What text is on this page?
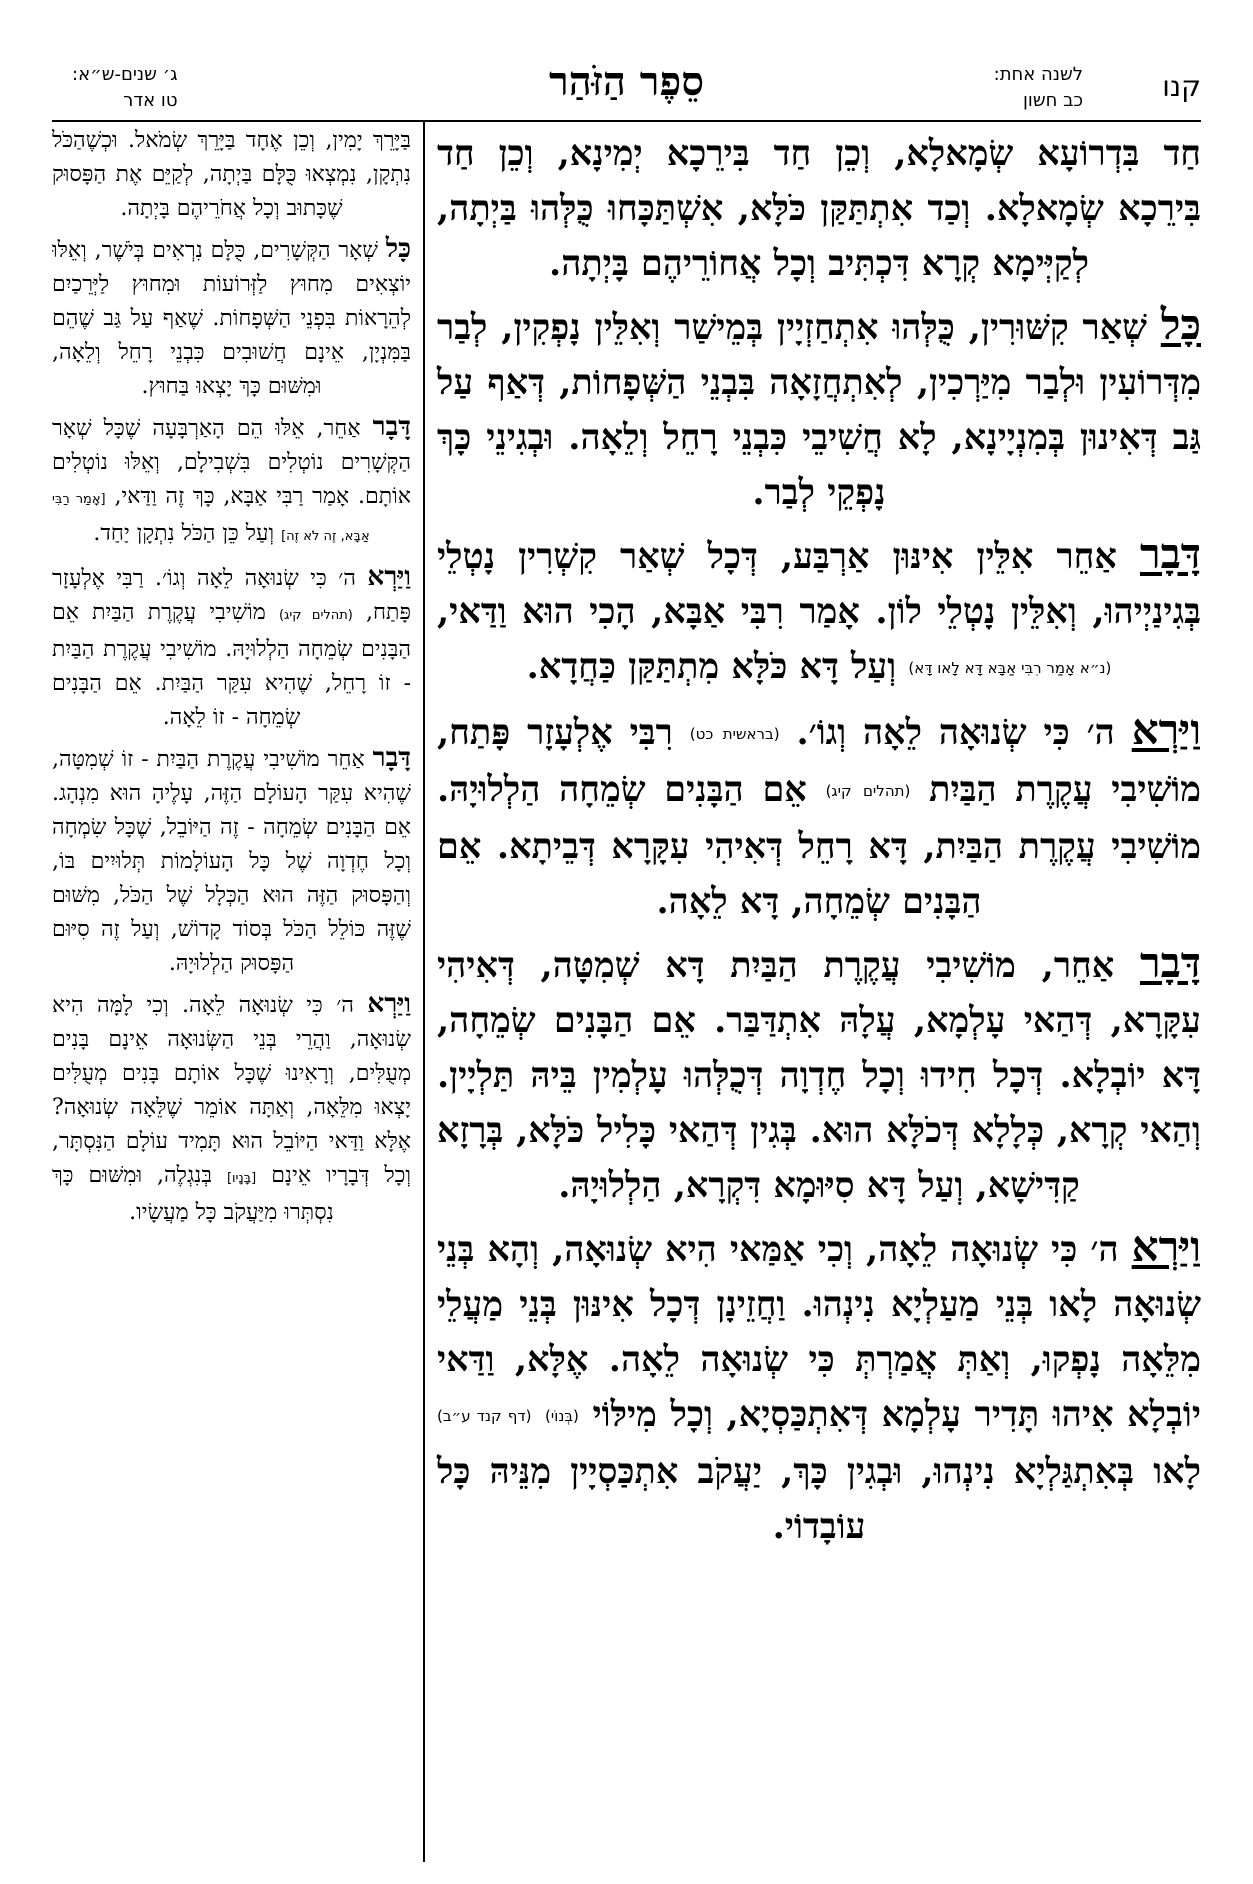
קנו
לשנה אחת:
כב חשון
סֵפֶר הַזֹּהַר
ג׳ שנים-ש״א:
טו אדר

חַד בִּדְרוֹעָא שְׂמָאלָא, וְכֵן חַד בִּירֵכָא יְמִינָא, וְכֵן חַד בִּירֵכָא שְׂמָאלָא. וְכַד אִתְתַּקַּן כֹּלָּא, אִשְׁתַּכָּחוּ כֻּלְּהוּ בַּיְתָה, לְקַיְּימָא קְרָא דִּכְתִּיב וְכָל אֲחוֹרֵיהֶם בָּיְתָה.

כָּל שְׁאַר קִשּׁוּרִין, כֻּלְּהוּ אִתְחַזְיָין בְּמֵישַׁר וְאִלֵּין נָפְקִין, לְבַר מִדְּרוֹעִין וּלְבַר מִיַּרְכִין, לְאִתְחֲזָאָה בִּבְנֵי הַשְּׁפָחוֹת, דְּאַף עַל גַּב דְּאִינוּן בְּמִנְיָינָא, לָא חֲשִׁיבֵי כִּבְנֵי רָחֵל וְלֵאָה. וּבְגִינֵי כָּךְ נָפְקֵי לְבַר.

דָּבָר אַחֵר אִלֵּין אִינּוּן אַרְבַּע, דְּכָל שְׁאַר קִשְׁרִין נָטְלֵי בְּגִינַיְיהוּ, וְאִלֵּין נָטְלֵי לוֹן. אָמַר רִבִּי אַבָּא, הָכִי הוּא וַדַּאי, (נ״א אָמַר רִבִּי אַבָּא דָּא לָאו דָּא) וְעַל דָּא כֹּלָּא מִתְתַּקַּן כַּחֲדָא.

וַיַּרְא ה׳ כִּי שְׂנוּאָה לֵאָה וְגוֹ׳. (בראשית כט) רִבִּי אֶלְעָזָר פָּתַח, מוֹשִׁיבִי עֲקֶרֶת הַבַּיִת (תהלים קיג) אֵם הַבָּנִים שְׂמֵחָה הַלְלוּיָהּ. מוֹשִׁיבִי עֲקֶרֶת הַבַּיִת, דָּא רָחֵל דְּאִיהִי עִקָּרָא דְּבֵיתָא. אֵם הַבָּנִים שְׂמֵחָה, דָּא לֵאָה.

דָּבָר אַחֵר, מוֹשִׁיבִי עֲקֶרֶת הַבַּיִת דָּא שְׁמִטָּה, דְּאִיהִי עִקָּרָא, דְּהַאי עָלְמָא, עֲלָהּ אִתְדַּבַּר. אֵם הַבָּנִים שְׂמֵחָה, דָּא יוֹבְלָא. דְּכָל חִידוּ וְכָל חֶדְוָה דְּכֻלְּהוּ עָלְמִין בֵּיהּ תַּלְיָין. וְהַאי קְרָא, כְּלָלָא דְּכֹלָּא הוּא. בְּגִין דְּהַאי כָּלִיל כֹּלָּא, בְּרָזָא קַדִּישָׁא, וְעַל דָּא סִיּוּמָא דִּקְרָא, הַלְלוּיָהּ.

וַיַּרְא ה׳ כִּי שְׂנוּאָה לֵאָה, וְכִי אַמַּאי הִיא שְׂנוּאָה, וְהָא בְּנֵי שְׂנוּאָה לָאו בְּנֵי מַעַלְיָא נִינְהוּ. וַחֲזֵינָן דְּכָל אִינּוּן בְּנֵי מַעֲלֵי מִלֵּאָה נָפְקוּ, וְאַתְּ אֲמַרְתְּ כִּי שְׂנוּאָה לֵאָה. אֶלָּא, וַדַּאי יוֹבְלָא אִיהוּ תָּדִיר עָלְמָא דְּאִתְכַּסְיָא, וְכָל מִילּוֹי (בְּנוֹי) (דף קנד ע״ב) לָאו בְּאִתְגַּלְיָא נִינְהוּ, וּבְגִין כָּךְ, יַעֲקֹב אִתְכַּסְיָין מִנֵּיהּ כָּל עוֹבָדוֹי.

בַּיָּרֵךְ יָמִין, וְכֵן אֶחָד בַּיָּרֵךְ שְׂמֹאל. וּכְשֶׁהַכֹּל נִתְקָן, נִמְצְאוּ כֻּלָּם בַּיְתָה, לְקַיֵּם אֶת הַפָּסוּק שֶׁכָּתוּב וְכָל אֲחֹרֵיהֶם בָּיְתָה.

כָּל שְׁאָר הַקְּשָׁרִים, כֻּלָּם נִרְאִים בְּיֹשֶׁר, וְאֵלּוּ יוֹצְאִים מִחוּץ לַזְּרוֹעוֹת וּמִחוּץ לַיְּרֵכַיִם לְהֵרָאוֹת בִּפְנֵי הַשְּׁפָחוֹת. שֶׁאַף עַל גַּב שֶׁהֵם בַּמִּנְיָן, אֵינָם חֲשׁוּבִים כִּבְנֵי רָחֵל וְלֵאָה, וּמִשּׁוּם כָּךְ יָצְאוּ בַּחוּץ.

דָּבָר אַחֵר, אֵלּוּ הֵם הָאַרְבָּעָה שֶׁכָּל שְׁאָר הַקְּשָׁרִים נוֹטְלִים בִּשְׁבִילָם, וְאֵלּוּ נוֹטְלִים אוֹתָם. אָמַר רַבִּי אַבָּא, כָּךְ זֶה וַדַּאי, [אָמַר רַבִּי אַבָּא, זֶה לֹא זֶה] וְעַל כֵּן הַכֹּל נִתְקָן יַחַד.

וַיַּרְא ה׳ כִּי שְׂנוּאָה לֵאָה וְגוֹ׳. רַבִּי אֶלְעָזָר פָּתַח, (תהלים קיג) מוֹשִׁיבִי עֲקֶרֶת הַבַּיִת אֵם הַבָּנִים שְׂמֵחָה הַלְלוּיָהּ. מוֹשִׁיבִי עֲקֶרֶת הַבַּיִת - זוֹ רָחֵל, שֶׁהִיא עִקַּר הַבַּיִת. אֵם הַבָּנִים שְׂמֵחָה - זוֹ לֵאָה.

דָּבָר אַחֵר מוֹשִׁיבִי עֲקֶרֶת הַבַּיִת - זוֹ שְׁמִטָּה, שֶׁהִיא עִקַּר הָעוֹלָם הַזֶּה, עָלֶיהָ הוּא מִנְהָג. אֵם הַבָּנִים שְׂמֵחָה - זֶה הַיּוֹבֵל, שֶׁכָּל שִׂמְחָה וְכָל חֶדְוָה שֶׁל כָּל הָעוֹלָמוֹת תְּלוּיִים בּוֹ, וְהַפָּסוּק הַזֶּה הוּא הַכְּלָל שֶׁל הַכֹּל, מִשּׁוּם שֶׁזֶּה כּוֹלֵל הַכֹּל בְּסוֹד קָדוֹשׁ, וְעַל זֶה סִיּוּם הַפָּסוּק הַלְלוּיָהּ.

וַיַּרְא ה׳ כִּי שְׂנוּאָה לֵאָה. וְכִי לָמָּה הִיא שְׂנוּאָה, וַהֲרֵי בְּנֵי הַשְּׂנוּאָה אֵינָם בָּנִים מְעֻלִּים, וְרָאִינוּ שֶׁכָּל אוֹתָם בָּנִים מְעֻלִּים יָצְאוּ מִלֵּאָה, וְאַתָּה אוֹמֵר שֶׁלֵּאָה שְׂנוּאָה? אֶלָּא וַדַּאי הַיּוֹבֵל הוּא תָּמִיד עוֹלָם הַנִּסְתָּר, וְכָל דְּבָרָיו אֵינָם [בָּנָיו] בְּנִגְלֶה, וּמִשּׁוּם כָּךְ נִסְתְּרוּ מִיַּעֲקֹב כָּל מַעֲשָׂיו.
